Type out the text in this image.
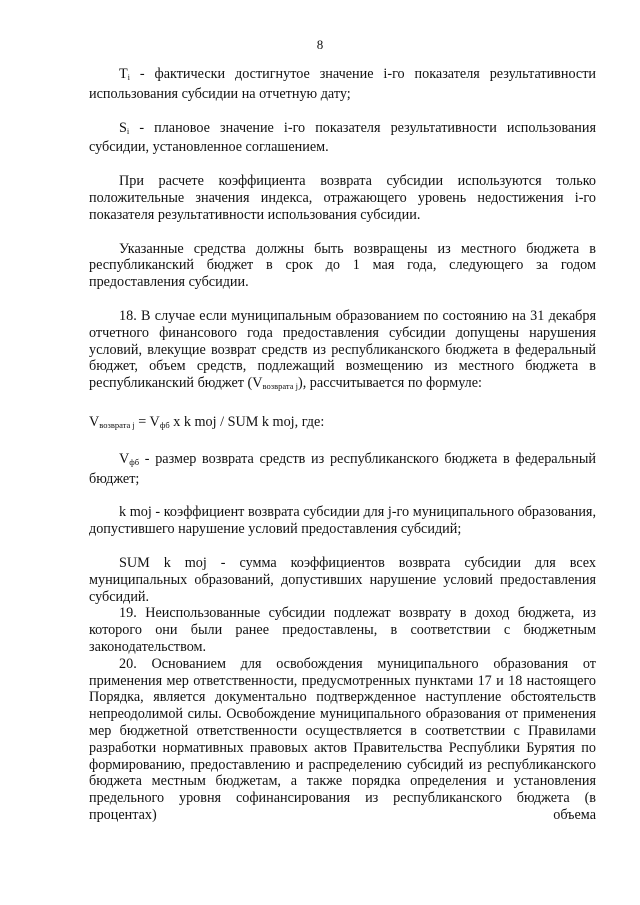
8

$T_i$ - фактически достигнутое значение i-го показателя результативности использования субсидии на отчетную дату;

$S_i$ - плановое значение i-го показателя результативности использования субсидии, установленное соглашением.

При расчете коэффициента возврата субсидии используются только положительные значения индекса, отражающего уровень недостижения i-го показателя результативности использования субсидии.

Указанные средства должны быть возвращены из местного бюджета в республиканский бюджет в срок до 1 мая года, следующего за годом предоставления субсидии.

18. В случае если муниципальным образованием по состоянию на 31 декабря отчетного финансового года предоставления субсидии допущены нарушения условий, влекущие возврат средств из республиканского бюджета в федеральный бюджет, объем средств, подлежащий возмещению из местного бюджета в республиканский бюджет $(V_{возврата j})$, рассчитывается по формуле:

$V_{возврата j} = V_{фб}$ x k moj / SUM k moj, где:

$V_{фб}$ - размер возврата средств из республиканского бюджета в федеральный бюджет;

k moj - коэффициент возврата субсидии для j-го муниципального образования, допустившего нарушение условий предоставления субсидий;

SUM k moj - сумма коэффициентов возврата субсидии для всех муниципальных образований, допустивших нарушение условий предоставления субсидий.

19. Неиспользованные субсидии подлежат возврату в доход бюджета, из которого они были ранее предоставлены, в соответствии с бюджетным законодательством.

20. Основанием для освобождения муниципального образования от применения мер ответственности, предусмотренных пунктами 17 и 18 настоящего Порядка, является документально подтвержденное наступление обстоятельств непреодолимой силы. Освобождение муниципального образования от применения мер бюджетной ответственности осуществляется в соответствии с Правилами разработки нормативных правовых актов Правительства Республики Бурятия по формированию, предоставлению и распределению субсидий из республиканского бюджета местным бюджетам, а также порядка определения и установления предельного уровня софинансирования из республиканского бюджета (в процентах) объема
